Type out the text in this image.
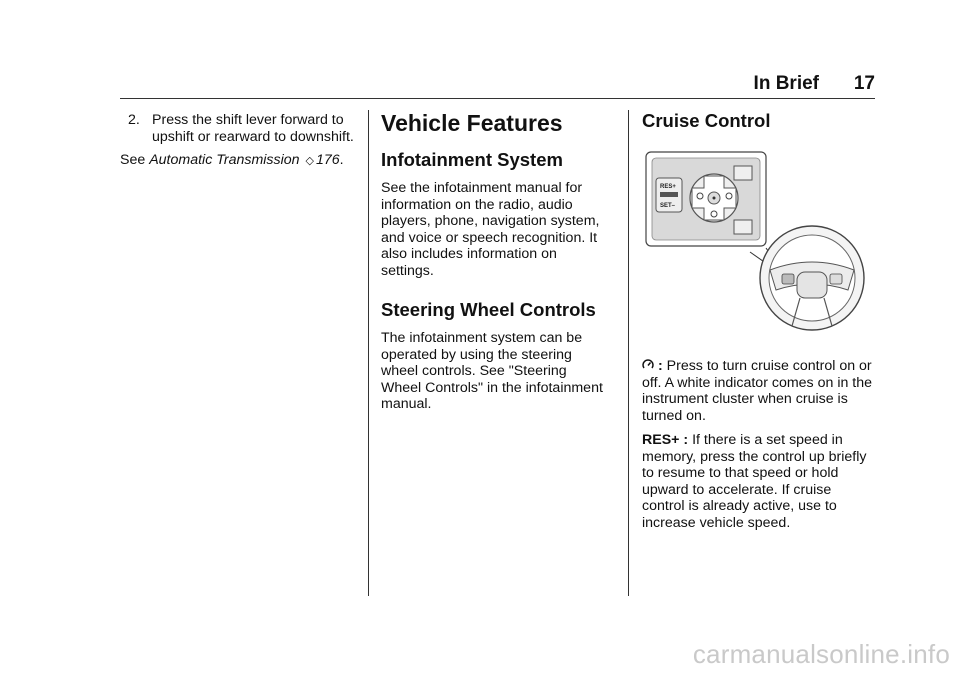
In Brief 17
2. Press the shift lever forward to upshift or rearward to downshift.

See Automatic Transmission ◇ 176.

Vehicle Features
Infotainment System

See the infotainment manual for information on the radio, audio players, phone, navigation system, and voice or speech recognition. It also includes information on settings.

Steering Wheel Controls

The infotainment system can be operated by using the steering wheel controls. See "Steering Wheel Controls" in the infotainment manual.

Cruise Control
RES+
SET–

: Press to turn cruise control on or off. A white indicator comes on in the instrument cluster when cruise is turned on.

RES+ : If there is a set speed in memory, press the control up briefly to resume to that speed or hold upward to accelerate. If cruise control is already active, use to increase vehicle speed.

carmanualsonline.info
